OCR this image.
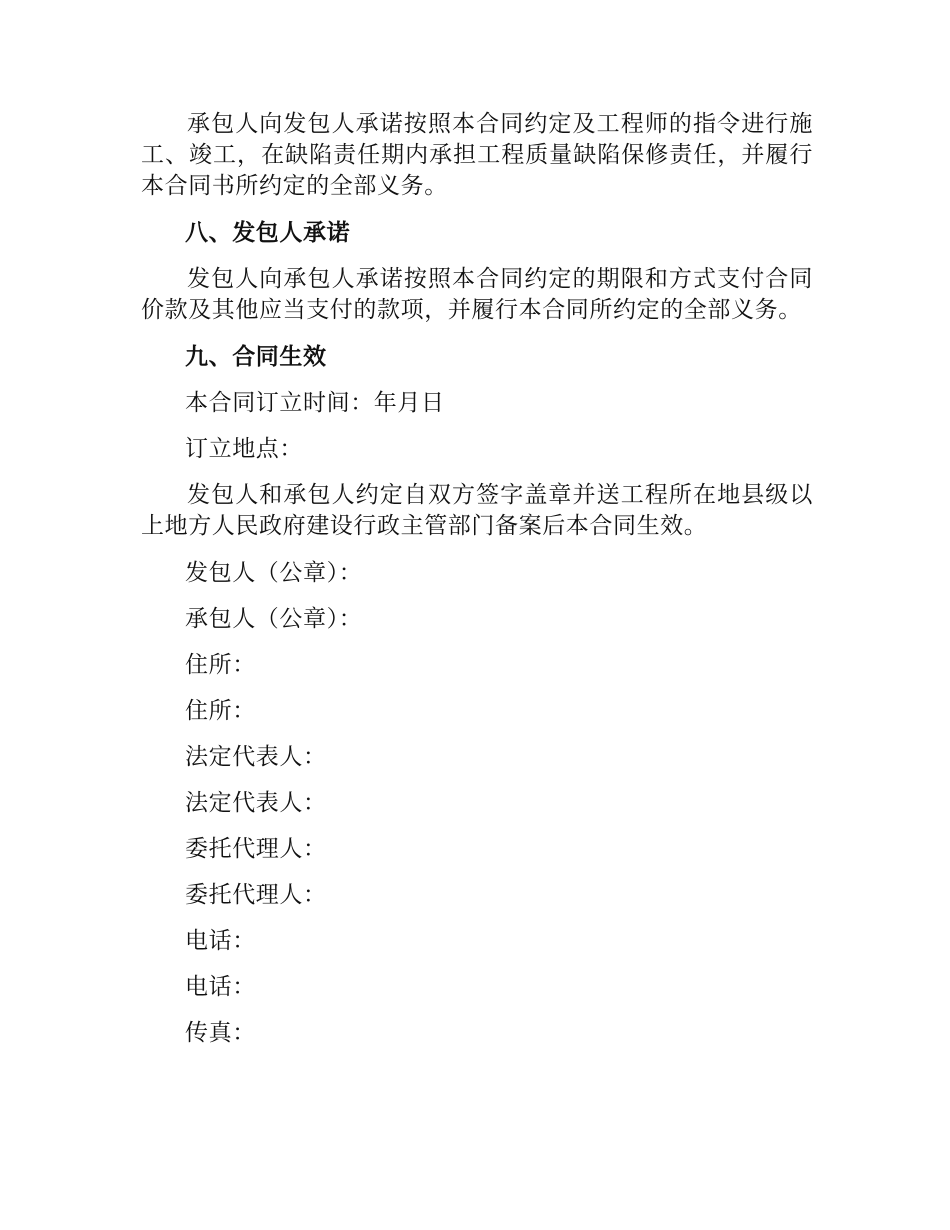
承包人向发包人承诺按照本合同约定及工程师的指令进行施工、竣工，在缺陷责任期内承担工程质量缺陷保修责任，并履行本合同书所约定的全部义务。

八、发包人承诺

发包人向承包人承诺按照本合同约定的期限和方式支付合同价款及其他应当支付的款项，并履行本合同所约定的全部义务。

九、合同生效

本合同订立时间：年月日

订立地点：

发包人和承包人约定自双方签字盖章并送工程所在地县级以上地方人民政府建设行政主管部门备案后本合同生效。

发包人（公章）：

承包人（公章）：

住所：

住所：

法定代表人：

法定代表人：

委托代理人：

委托代理人：

电话：

电话：

传真：
